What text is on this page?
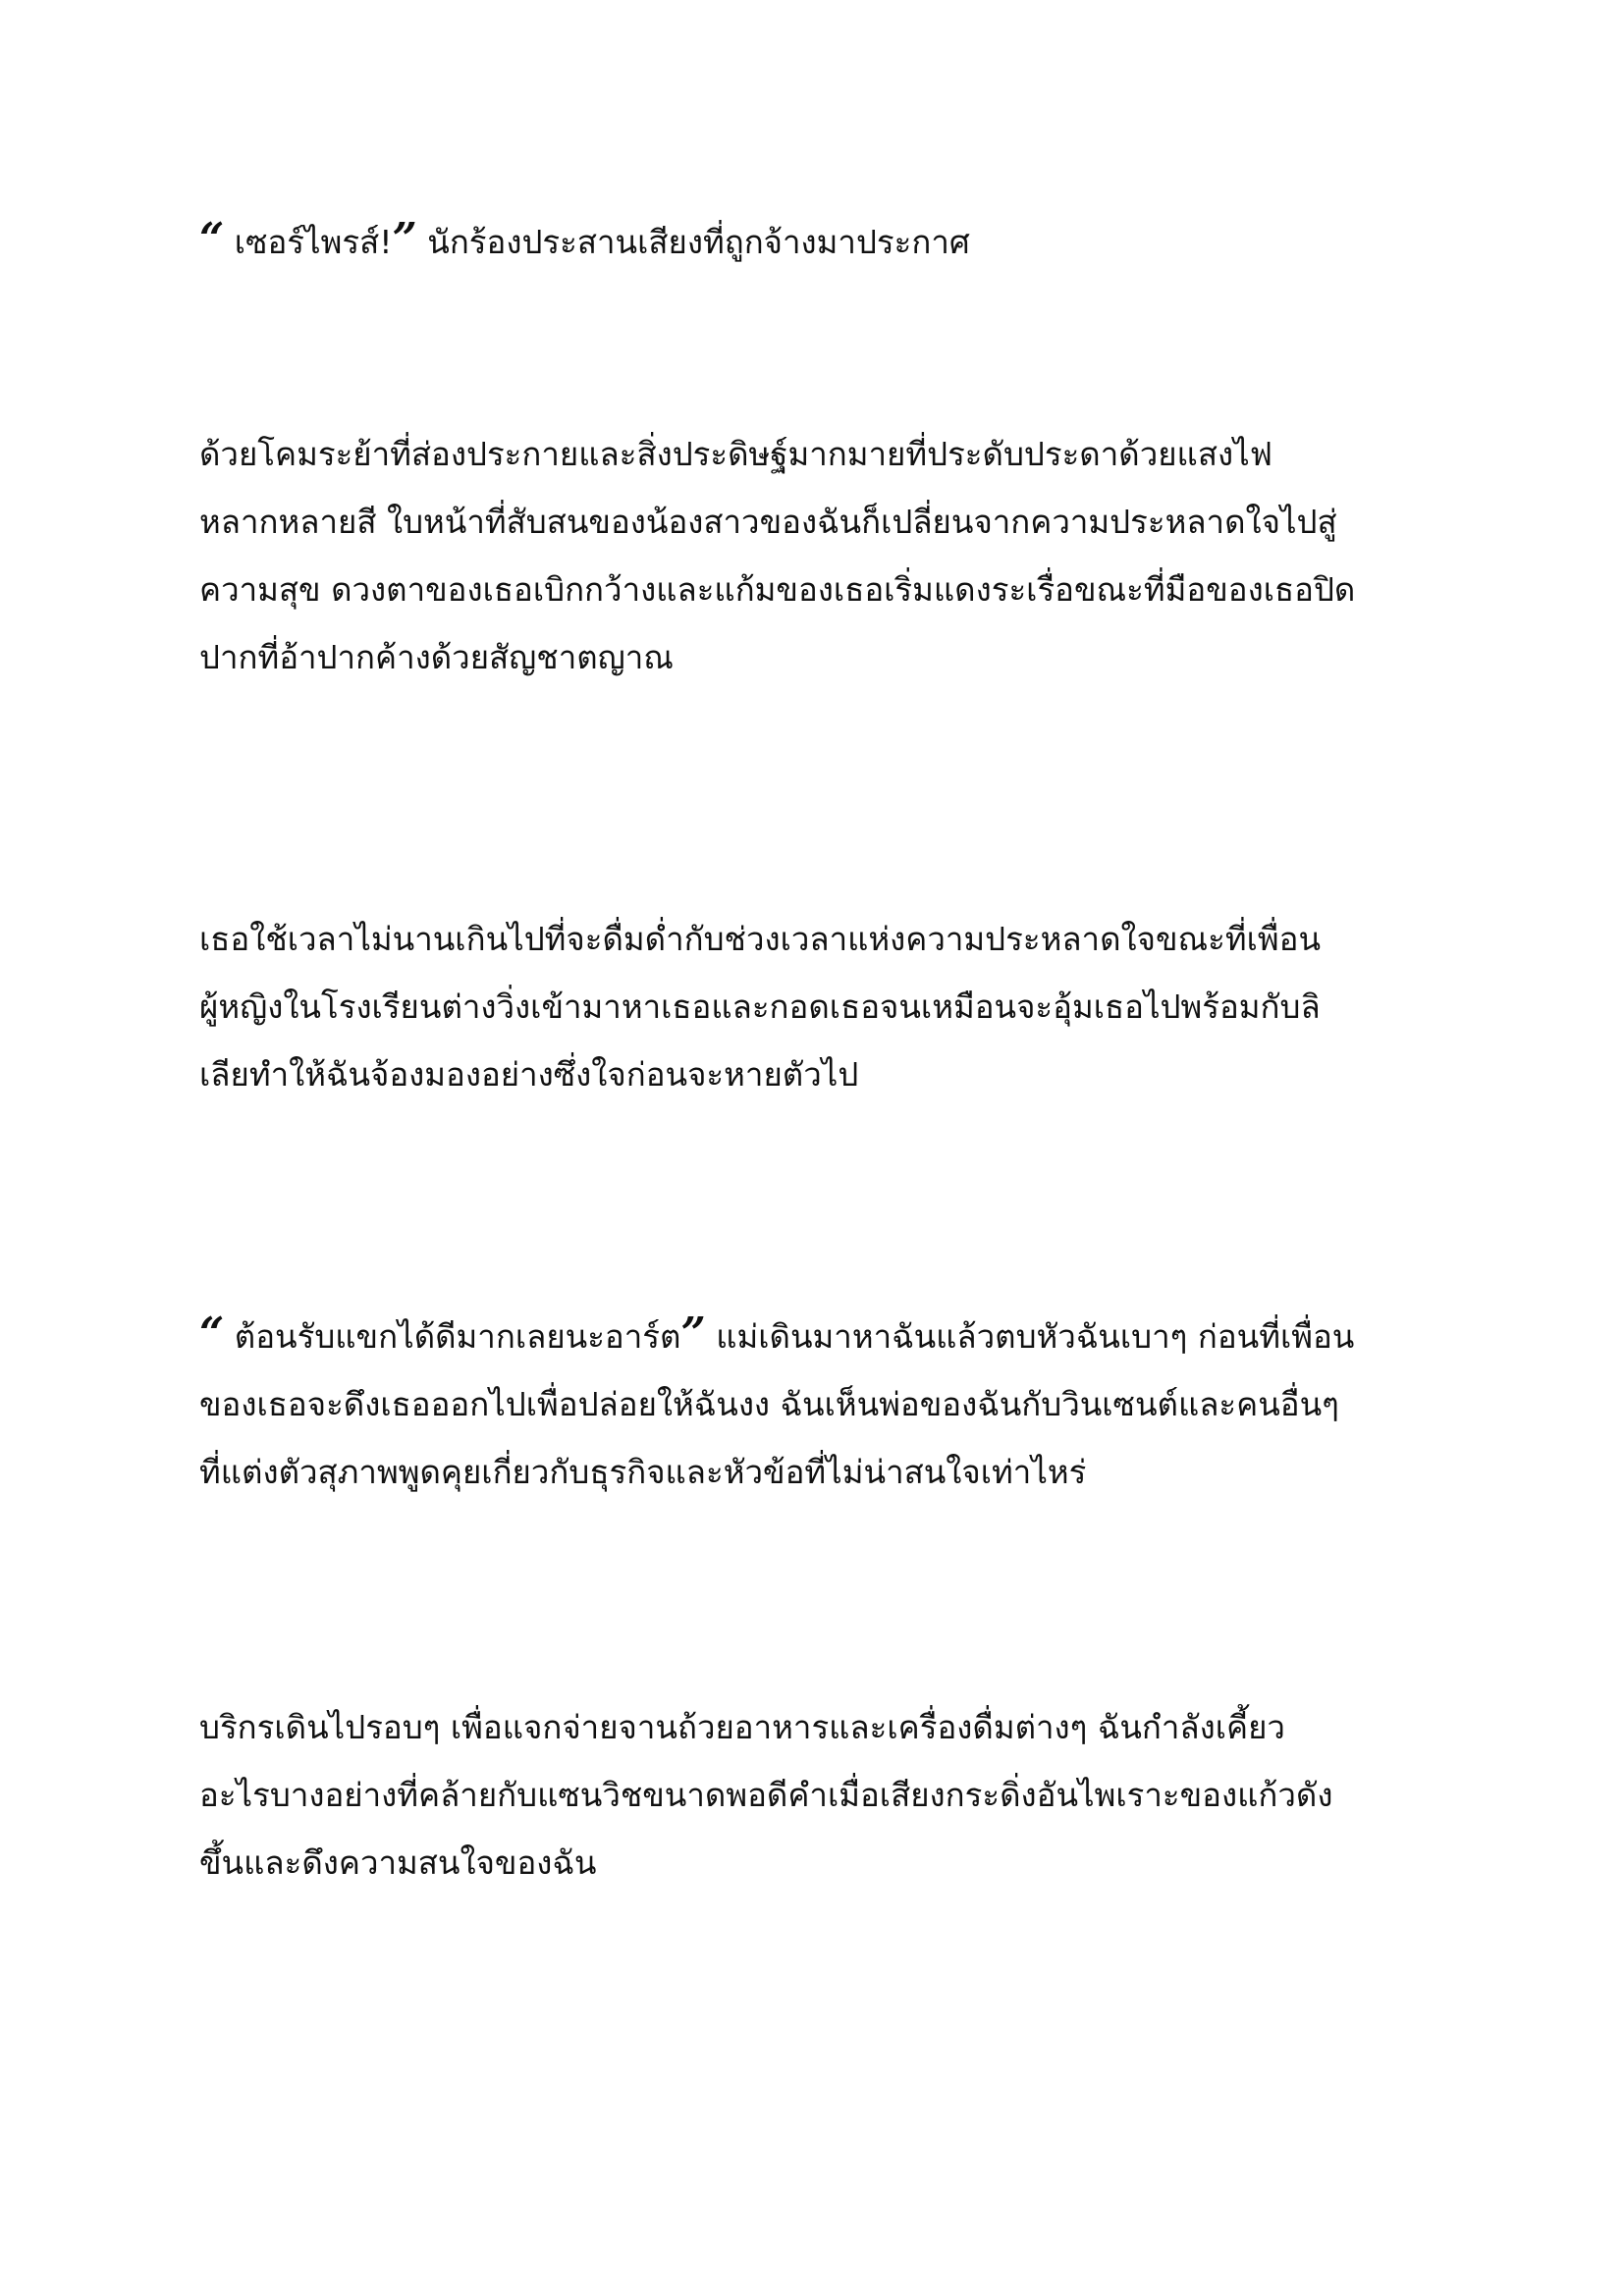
“ เซอร์ไพรส์!” นักร้องประสานเสียงที่ถูกจ้างมาประกาศ

ด้วยโคมระย้าที่ส่องประกายและสิ่งประดิษฐ์มากมายที่ประดับประดาด้วยแสงไฟ
หลากหลายสี ใบหน้าที่สับสนของน้องสาวของฉันก็เปลี่ยนจากความประหลาดใจไปสู่
ความสุข ดวงตาของเธอเบิกกว้างและแก้มของเธอเริ่มแดงระเรื่อขณะที่มือของเธอปิด
ปากที่อ้าปากค้างด้วยสัญชาตญาณ

เธอใช้เวลาไม่นานเกินไปที่จะดื่มด่ำกับช่วงเวลาแห่งความประหลาดใจขณะที่เพื่อน
ผู้หญิงในโรงเรียนต่างวิ่งเข้ามาหาเธอและกอดเธอจนเหมือนจะอุ้มเธอไปพร้อมกับลิ
เลียทำให้ฉันจ้องมองอย่างซึ่งใจก่อนจะหายตัวไป

“ ต้อนรับแขกได้ดีมากเลยนะอาร์ต” แม่เดินมาหาฉันแล้วตบหัวฉันเบาๆ ก่อนที่เพื่อน
ของเธอจะดึงเธอออกไปเพื่อปล่อยให้ฉันงง ฉันเห็นพ่อของฉันกับวินเซนต์และคนอื่นๆ
ที่แต่งตัวสุภาพพูดคุยเกี่ยวกับธุรกิจและหัวข้อที่ไม่น่าสนใจเท่าไหร่

บริกรเดินไปรอบๆ เพื่อแจกจ่ายจานถ้วยอาหารและเครื่องดื่มต่างๆ ฉันกำลังเคี้ยว
อะไรบางอย่างที่คล้ายกับแซนวิชขนาดพอดีคำเมื่อเสียงกระดิ่งอันไพเราะของแก้วดัง
ขึ้นและดึงความสนใจของฉัน
